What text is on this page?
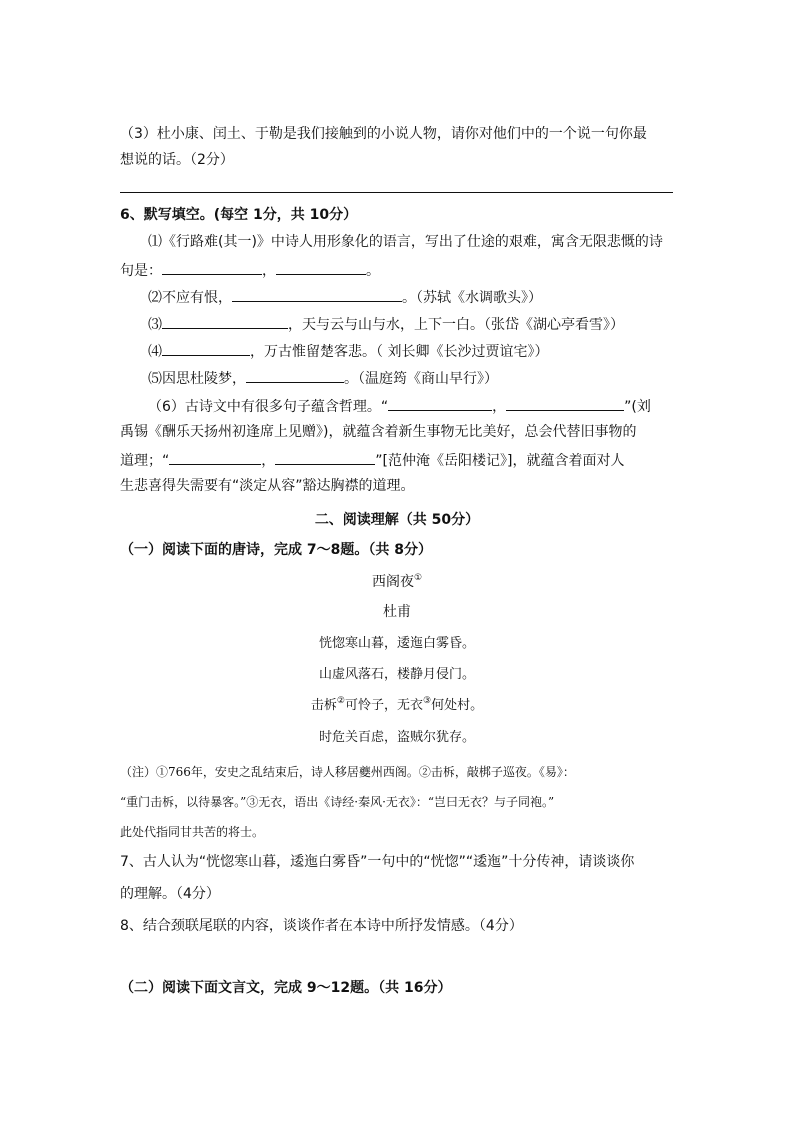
（3）杜小康、闰土、于勒是我们接触到的小说人物，请你对他们中的一个说一句你最
想说的话。（2分）
6、默写填空。(每空 1分，共 10分）
⑴《行路难(其一)》中诗人用形象化的语言，写出了仕途的艰难，寓含无限悲慨的诗
句是：	，	。
⑵不应有恨，	。（苏轼《水调歌头》）
⑶	，天与云与山与水，上下一白。（张岱《湖心亭看雪》）
⑷	，万古惟留楚客悲。（ 刘长卿《长沙过贾谊宅》）
⑸因思杜陵梦，	。（温庭筠《商山早行》）
（6）古诗文中有很多句子蕴含哲理。“	，	”(刘
禹锡《酬乐天扬州初逢席上见赠》)，就蕴含着新生事物无比美好，总会代替旧事物的
道理；“	，	”[范仲淹《岳阳楼记》]，就蕴含着面对人
生悲喜得失需要有“淡定从容”豁达胸襟的道理。
二、阅读理解（共 50分）
（一）阅读下面的唐诗，完成 7～8题。（共 8分）
西阁夜①
杜甫
恍惚寒山暮，逶迤白雾昏。
山虚风落石，楼静月侵门。
击柝②可怜子，无衣③何处村。
时危关百虑，盗贼尔犹存。
（注）①766年，安史之乱结束后，诗人移居夔州西阁。②击柝，敲梆子巡夜。《易》：
“重门击柝，以待暴客。”③无衣，语出《诗经·秦风·无衣》：“岂曰无衣？与子同袍。”
此处代指同甘共苦的将士。
7、古人认为“恍惚寒山暮，逶迤白雾昏”一句中的“恍惚”“逶迤”十分传神，请谈谈你
的理解。（4分）
8、结合颈联尾联的内容，谈谈作者在本诗中所抒发情感。（4分）
（二）阅读下面文言文，完成 9～12题。（共 16分）
